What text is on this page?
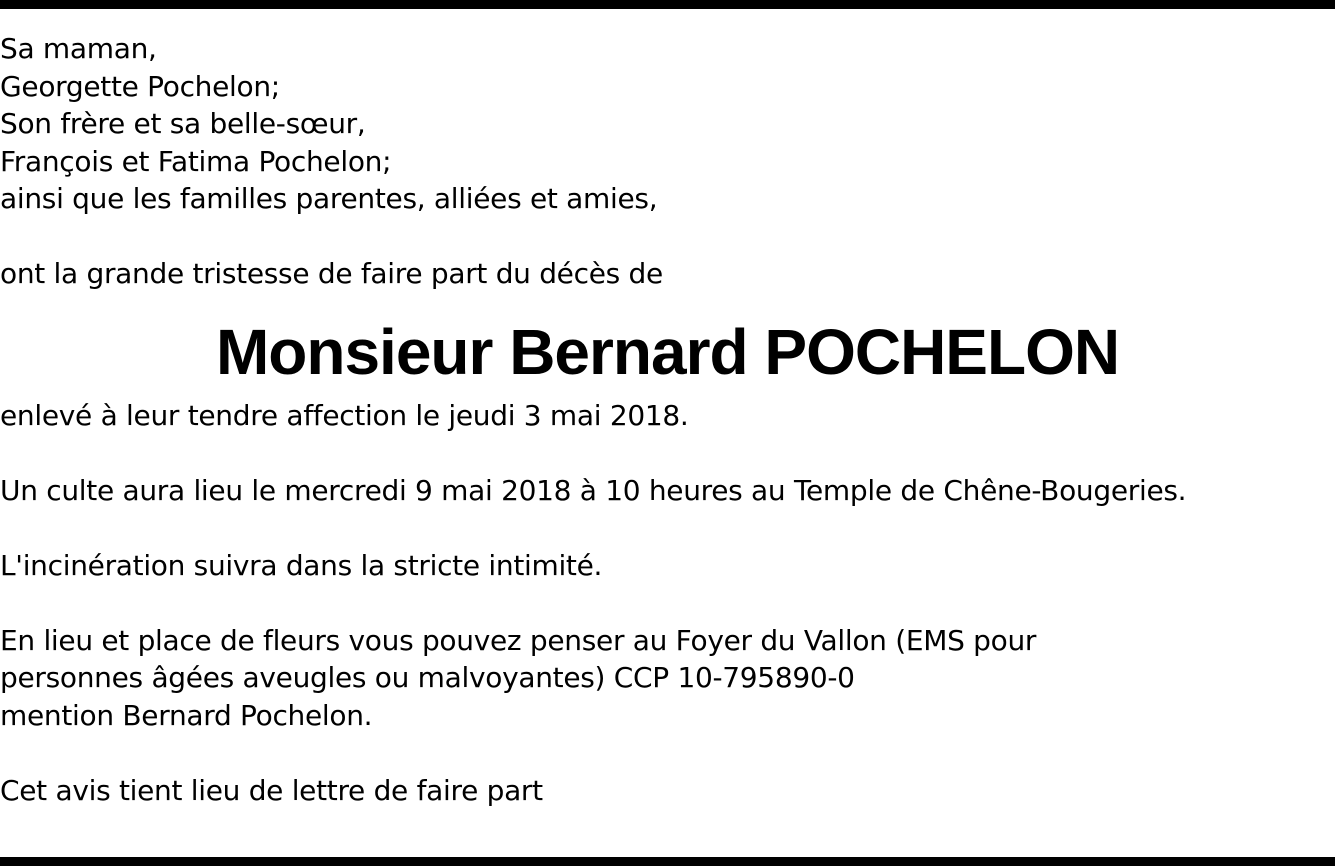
Sa maman,
Georgette Pochelon;
Son frère et sa belle-sœur,
François et Fatima Pochelon;
ainsi que les familles parentes, alliées et amies,
ont la grande tristesse de faire part du décès de
Monsieur Bernard POCHELON
enlevé à leur tendre affection le jeudi 3 mai 2018.
Un culte aura lieu le mercredi 9 mai 2018 à 10 heures au Temple de Chêne-Bougeries.
L'incinération suivra dans la stricte intimité.
En lieu et place de fleurs vous pouvez penser au Foyer du Vallon (EMS pour
personnes âgées aveugles ou malvoyantes) CCP 10-795890-0
mention Bernard Pochelon.
Cet avis tient lieu de lettre de faire part
